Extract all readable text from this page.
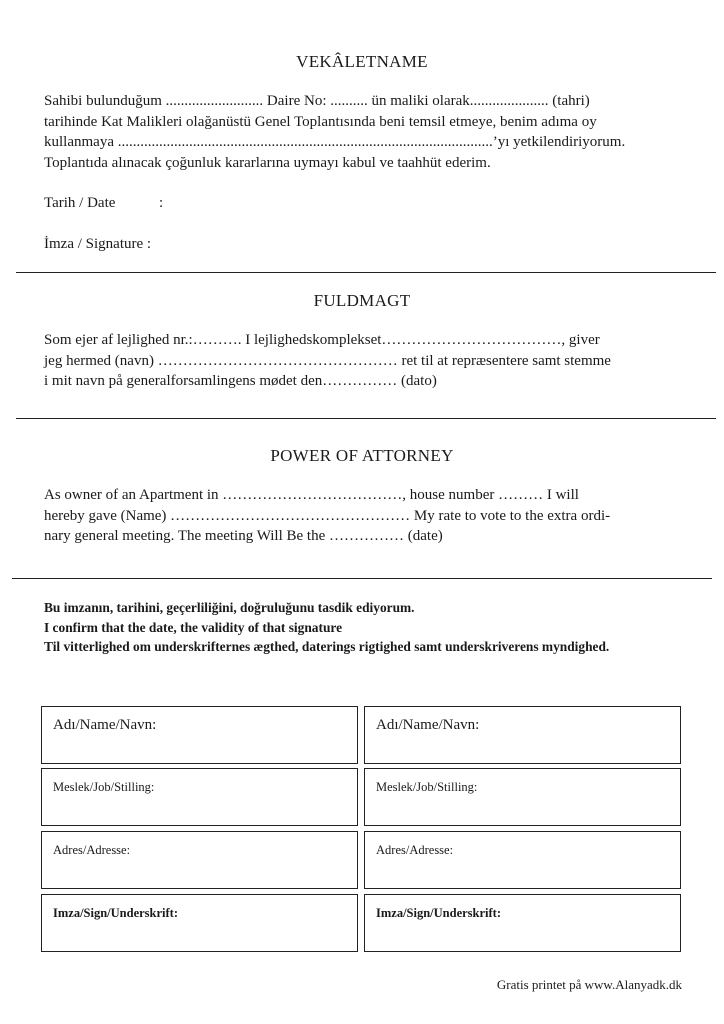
VEKÂLETNAME
Sahibi bulunduğum .......................... Daire No: .......... ün maliki olarak..................... (tahri)
tarihinde Kat Malikleri olağanüstü Genel Toplantısında beni temsil etmeye, benim adıma oy
kullanmaya ....................................................................................................’yı yetkilendiriyorum.
Toplantıda alınacak çoğunluk kararlarına uymayı kabul ve taahhüt ederim.
Tarih / Date	:
İmza / Signature :
FULDMAGT
Som ejer af lejlighed nr.:………. I lejlighedskomplekset………………………………, giver
jeg hermed (navn) ………………………………………… ret til at repræsentere samt stemme
i mit navn på generalforsamlingens mødet den…………… (dato)
POWER OF ATTORNEY
As owner of an Apartment in ………………………………, house number ……… I will
hereby gave (Name) ………………………………………… My rate to vote to the extra ordi-
nary general meeting. The meeting Will Be the …………… (date)
Bu imzanın, tarihini, geçerliliğini, doğruluğunu tasdik ediyorum.
I confirm that the date, the validity of that signature
Til vitterlighed om underskrifternes ægthed, daterings rigtighed samt underskriverens myndighed.
Adı/Name/Navn:
Meslek/Job/Stilling:
Adres/Adresse:
Imza/Sign/Underskrift:
Adı/Name/Navn:
Meslek/Job/Stilling:
Adres/Adresse:
Imza/Sign/Underskrift:
Gratis printet på www.Alanyadk.dk
